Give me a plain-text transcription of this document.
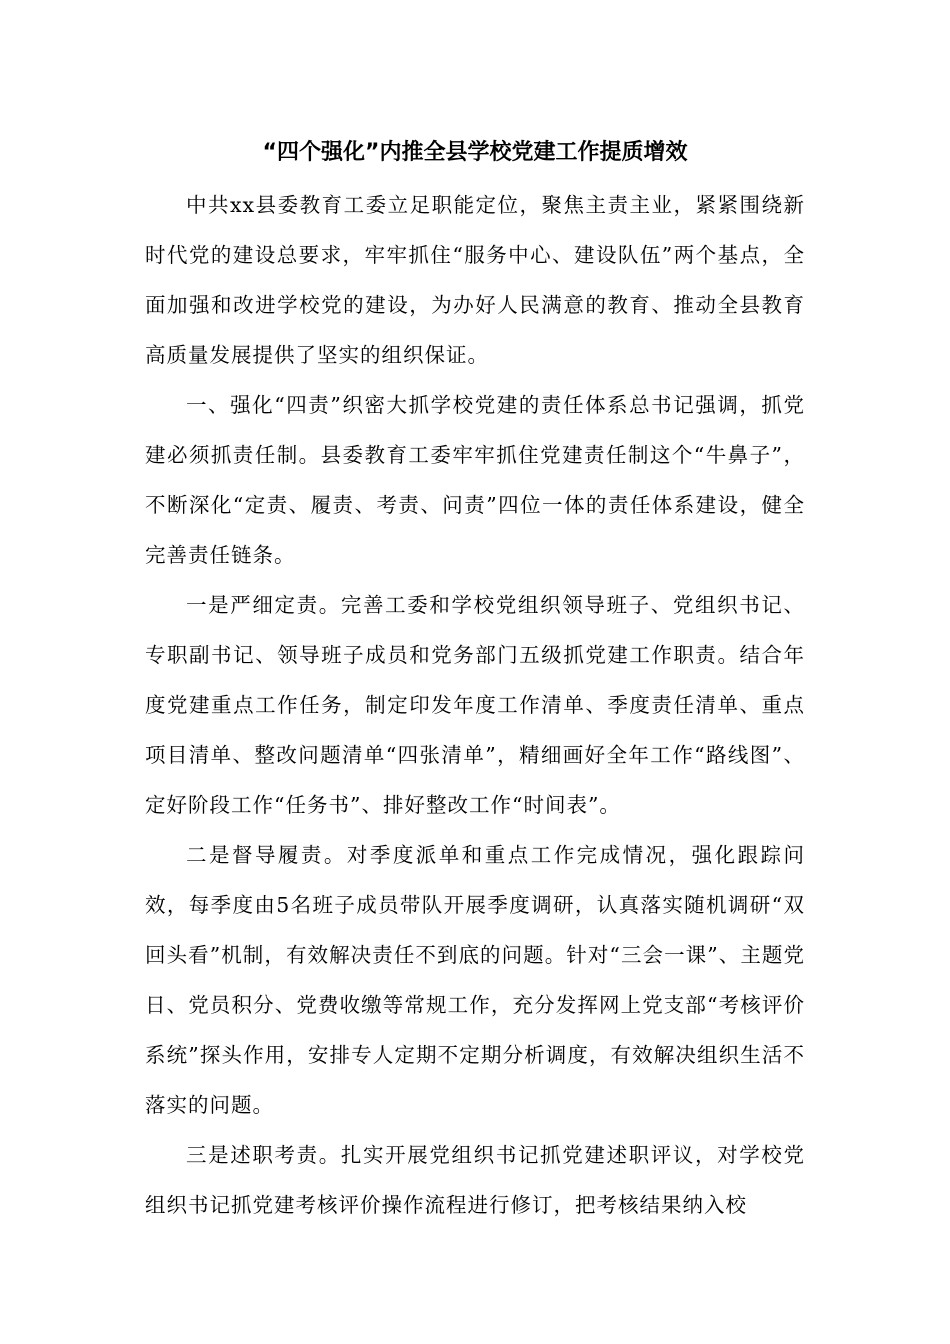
“四个强化”内推全县学校党建工作提质增效

中共xx县委教育工委立足职能定位，聚焦主责主业，紧紧围绕新时代党的建设总要求，牢牢抓住“服务中心、建设队伍”两个基点，全面加强和改进学校党的建设，为办好人民满意的教育、推动全县教育高质量发展提供了坚实的组织保证。

一、强化“四责”织密大抓学校党建的责任体系总书记强调，抓党建必须抓责任制。县委教育工委牢牢抓住党建责任制这个“牛鼻子”，不断深化“定责、履责、考责、问责”四位一体的责任体系建设，健全完善责任链条。

一是严细定责。完善工委和学校党组织领导班子、党组织书记、专职副书记、领导班子成员和党务部门五级抓党建工作职责。结合年度党建重点工作任务，制定印发年度工作清单、季度责任清单、重点项目清单、整改问题清单“四张清单”，精细画好全年工作“路线图”、定好阶段工作“任务书”、排好整改工作“时间表”。

二是督导履责。对季度派单和重点工作完成情况，强化跟踪问效，每季度由5名班子成员带队开展季度调研，认真落实随机调研“双回头看”机制，有效解决责任不到底的问题。针对“三会一课”、主题党日、党员积分、党费收缴等常规工作，充分发挥网上党支部“考核评价系统”探头作用，安排专人定期不定期分析调度，有效解决组织生活不落实的问题。

三是述职考责。扎实开展党组织书记抓党建述职评议，对学校党组织书记抓党建考核评价操作流程进行修订，把考核结果纳入校
